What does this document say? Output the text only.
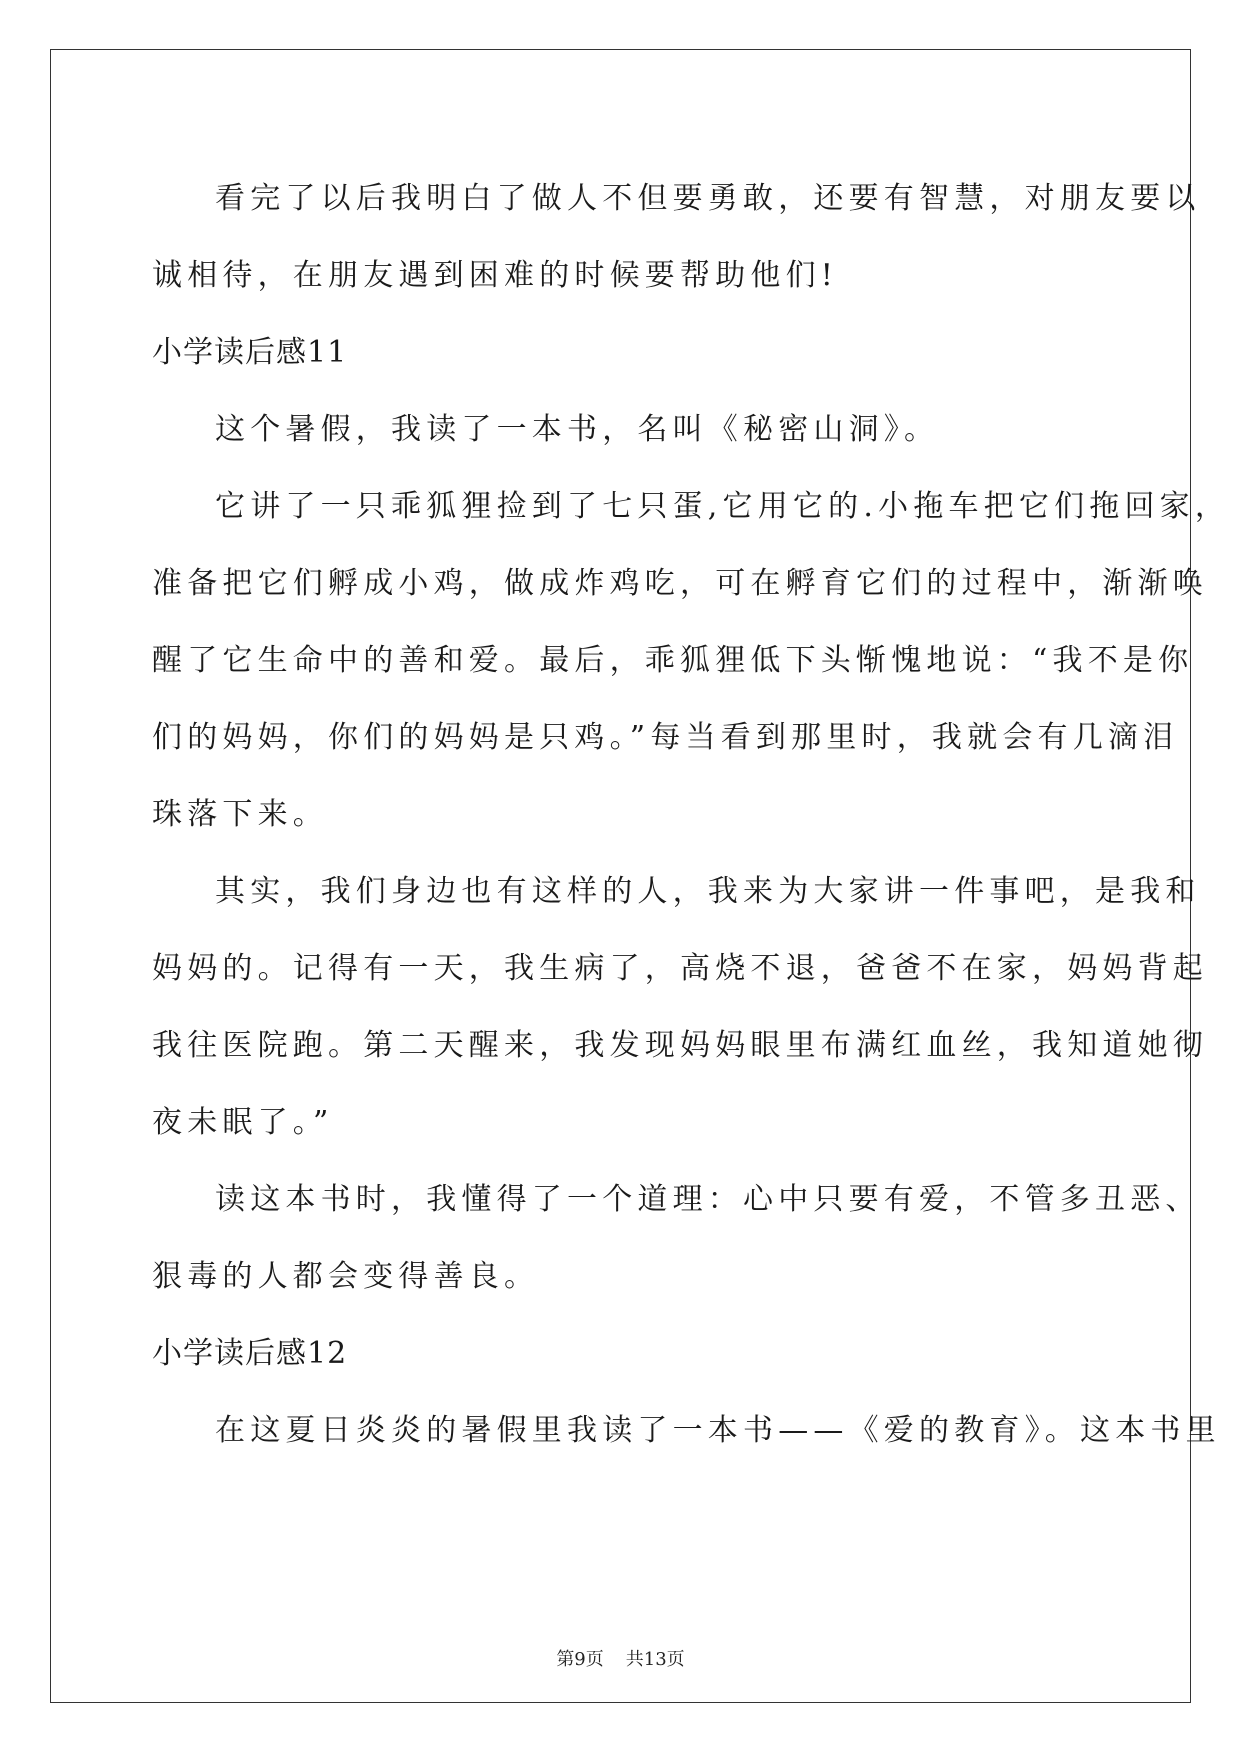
看完了以后我明白了做人不但要勇敢，还要有智慧，对朋友要以
诚相待，在朋友遇到困难的时候要帮助他们!
小学读后感11
这个暑假，我读了一本书，名叫《秘密山洞》。
它讲了一只乖狐狸捡到了七只蛋,它用它的.小拖车把它们拖回家，
准备把它们孵成小鸡，做成炸鸡吃，可在孵育它们的过程中，渐渐唤
醒了它生命中的善和爱。最后，乖狐狸低下头惭愧地说：“我不是你
们的妈妈，你们的妈妈是只鸡。”每当看到那里时，我就会有几滴泪
珠落下来。
其实，我们身边也有这样的人，我来为大家讲一件事吧，是我和
妈妈的。记得有一天，我生病了，高烧不退，爸爸不在家，妈妈背起
我往医院跑。第二天醒来，我发现妈妈眼里布满红血丝，我知道她彻
夜未眠了。”
读这本书时，我懂得了一个道理：心中只要有爱，不管多丑恶、
狠毒的人都会变得善良。
小学读后感12
在这夏日炎炎的暑假里我读了一本书——《爱的教育》。这本书里
第9页 共13页
